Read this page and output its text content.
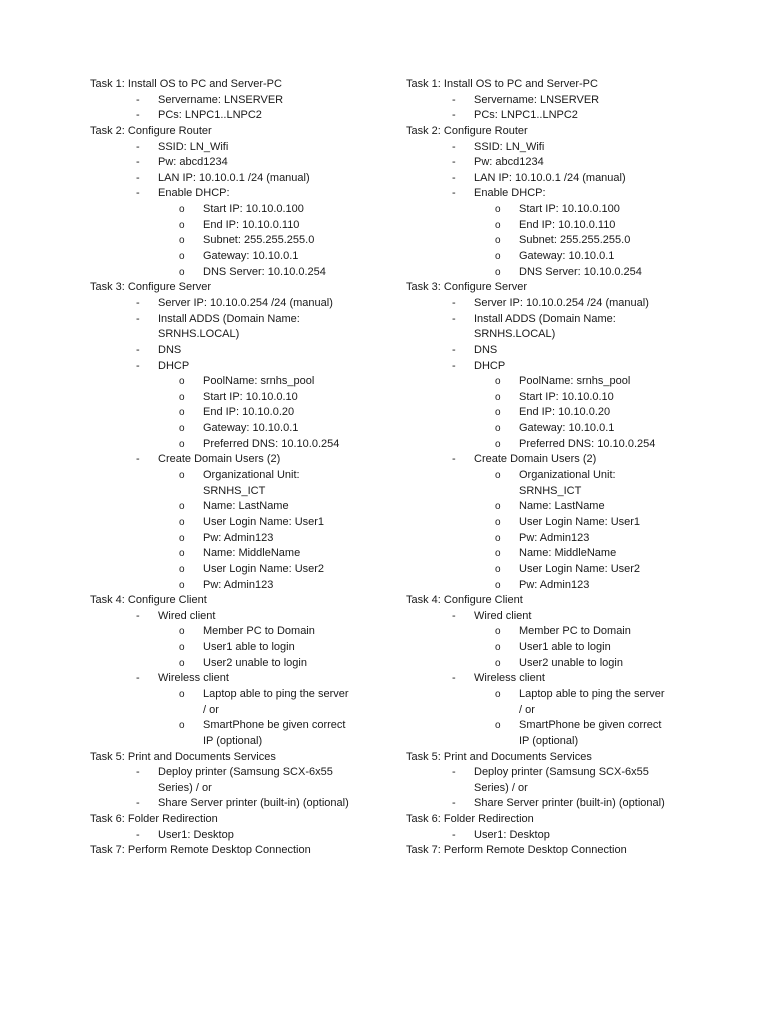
Task 1: Install OS to PC and Server-PC
-	Servername: LNSERVER
-	PCs: LNPC1..LNPC2
Task 2: Configure Router
-	SSID: LN_Wifi
-	Pw: abcd1234
-	LAN IP: 10.10.0.1 /24 (manual)
-	Enable DHCP:
o Start IP: 10.10.0.100
o End IP: 10.10.0.110
o Subnet: 255.255.255.0
o Gateway: 10.10.0.1
o DNS Server: 10.10.0.254
Task 3: Configure Server
-	Server IP: 10.10.0.254 /24 (manual)
-	Install ADDS (Domain Name:
SRNHS.LOCAL)
-	DNS
-	DHCP
o PoolName: srnhs_pool
o Start IP: 10.10.0.10
o End IP: 10.10.0.20
o Gateway: 10.10.0.1
o Preferred DNS: 10.10.0.254
-	Create Domain Users (2)
o Organizational Unit:
SRNHS_ICT
o Name: LastName
o User Login Name: User1
o Pw: Admin123
o Name: MiddleName
o User Login Name: User2
o Pw: Admin123
Task 4: Configure Client
-	Wired client
o Member PC to Domain
o User1 able to login
o User2 unable to login
-	Wireless client
o Laptop able to ping the server
/ or
o SmartPhone be given correct
IP (optional)
Task 5: Print and Documents Services
-	Deploy printer (Samsung SCX-6x55
Series) / or
-	Share Server printer (built-in) (optional)
Task 6: Folder Redirection
-	User1: Desktop
Task 7: Perform Remote Desktop Connection
Task 1: Install OS to PC and Server-PC
-	Servername: LNSERVER
-	PCs: LNPC1..LNPC2
Task 2: Configure Router
-	SSID: LN_Wifi
-	Pw: abcd1234
-	LAN IP: 10.10.0.1 /24 (manual)
-	Enable DHCP:
o Start IP: 10.10.0.100
o End IP: 10.10.0.110
o Subnet: 255.255.255.0
o Gateway: 10.10.0.1
o DNS Server: 10.10.0.254
Task 3: Configure Server
-	Server IP: 10.10.0.254 /24 (manual)
-	Install ADDS (Domain Name:
SRNHS.LOCAL)
-	DNS
-	DHCP
o PoolName: srnhs_pool
o Start IP: 10.10.0.10
o End IP: 10.10.0.20
o Gateway: 10.10.0.1
o Preferred DNS: 10.10.0.254
-	Create Domain Users (2)
o Organizational Unit:
SRNHS_ICT
o Name: LastName
o User Login Name: User1
o Pw: Admin123
o Name: MiddleName
o User Login Name: User2
o Pw: Admin123
Task 4: Configure Client
-	Wired client
o Member PC to Domain
o User1 able to login
o User2 unable to login
-	Wireless client
o Laptop able to ping the server
/ or
o SmartPhone be given correct
IP (optional)
Task 5: Print and Documents Services
-	Deploy printer (Samsung SCX-6x55
Series) / or
-	Share Server printer (built-in) (optional)
Task 6: Folder Redirection
-	User1: Desktop
Task 7: Perform Remote Desktop Connection
